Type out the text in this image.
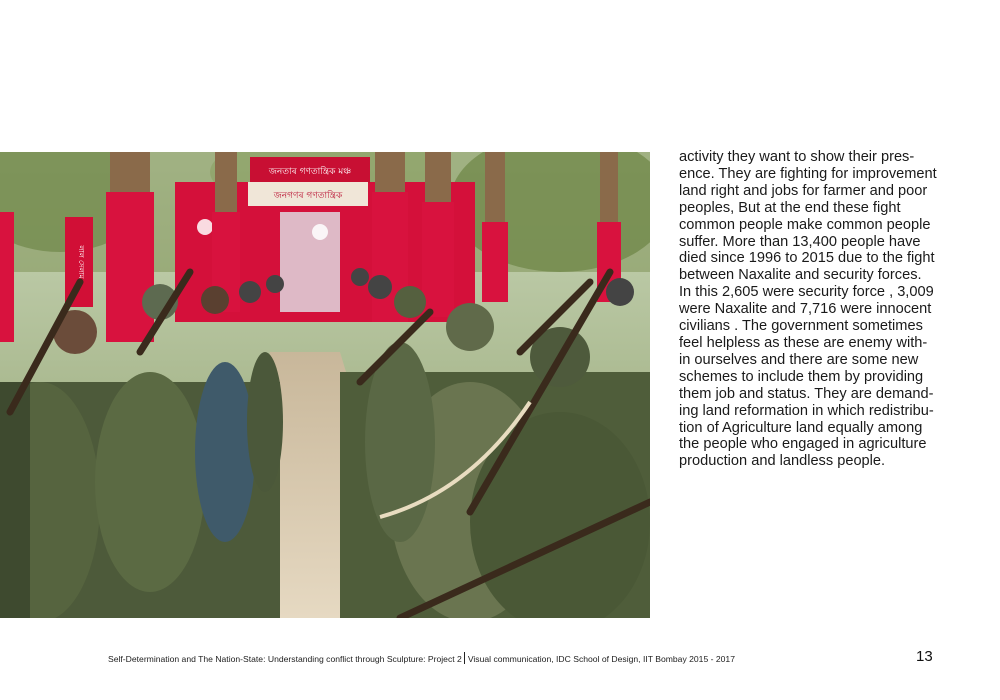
জনতাৰ গণতান্ত্ৰিক মঞ্চ
জনগণৰ গণতান্ত্ৰিক
লাল সেলাম

activity they want to show their pres-
ence. They are fighting for improvement
land right and jobs for farmer and poor
peoples, But at the end these fight
common people make common people
suffer. More than 13,400 people have
died since 1996 to 2015 due to the fight
between Naxalite and security forces.
In this 2,605 were security force , 3,009
were Naxalite and 7,716 were innocent
civilians . The government sometimes
feel helpless as these are enemy with-
in ourselves and there are some new
schemes to include them by providing
them job and status. They are demand-
ing land reformation in which redistribu-
tion of Agriculture land equally among
the people who engaged in agriculture
production and landless people.

Self-Determination and The Nation-State: Understanding conflict through Sculpture: Project 2 Visual communication, IDC School of Design, IIT Bombay 2015 - 2017	13
